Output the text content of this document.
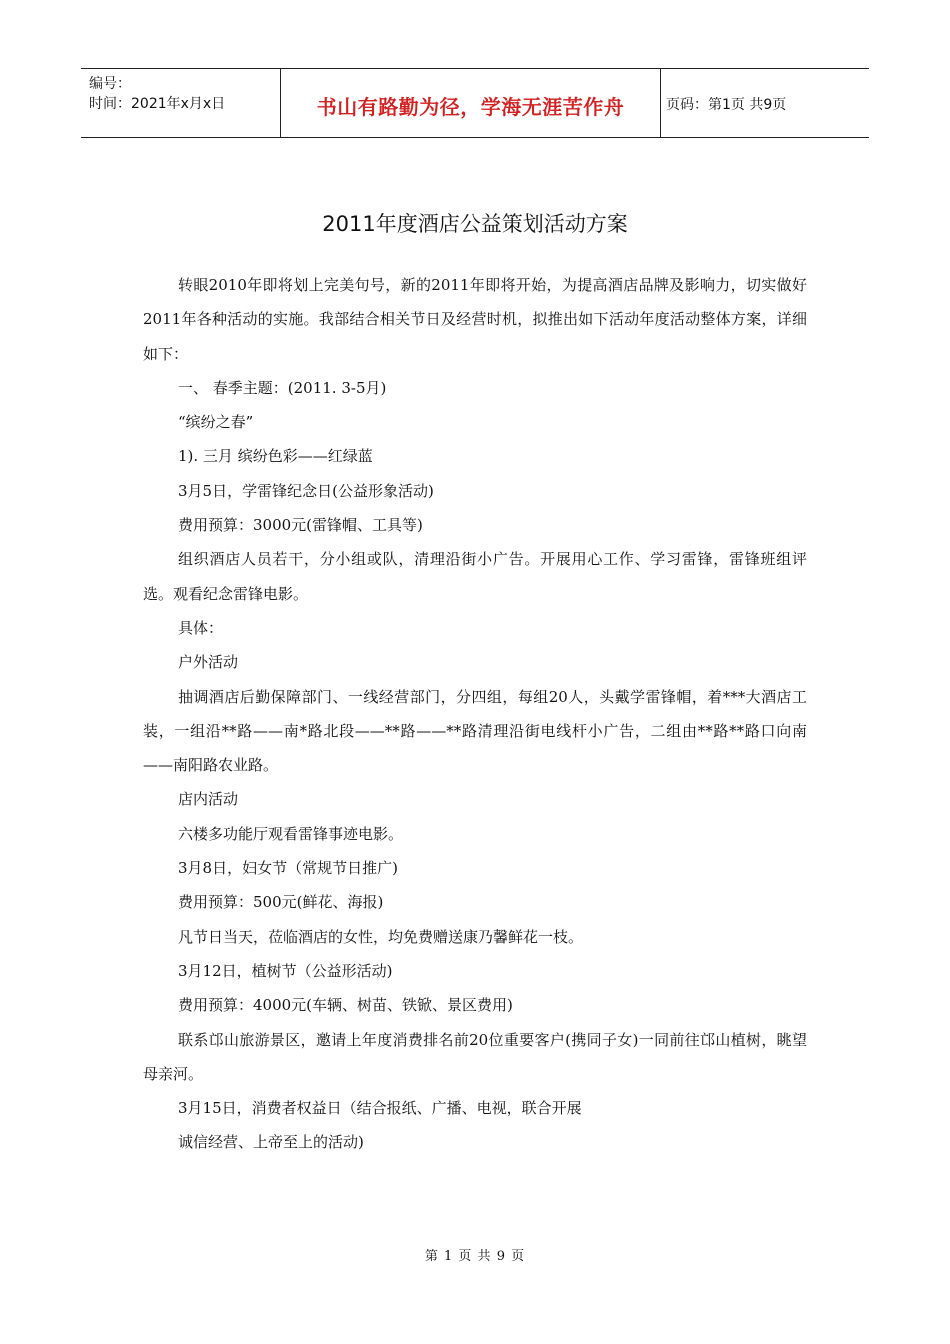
编号：
时间：2021年x月x日	书山有路勤为径，学海无涯苦作舟	页码：第1页 共9页
2011年度酒店公益策划活动方案

转眼2010年即将划上完美句号，新的2011年即将开始，为提高酒店品牌及影响力，切实做好2011年各种活动的实施。我部结合相关节日及经营时机，拟推出如下活动年度活动整体方案，详细如下：

一、 春季主题：(2011. 3-5月)

“缤纷之春”

1). 三月 缤纷色彩——红绿蓝

3月5日，学雷锋纪念日(公益形象活动)

费用预算：3000元(雷锋帽、工具等)

组织酒店人员若干，分小组或队，清理沿街小广告。开展用心工作、学习雷锋，雷锋班组评选。观看纪念雷锋电影。

具体：

户外活动

抽调酒店后勤保障部门、一线经营部门，分四组，每组20人，头戴学雷锋帽，着***大酒店工装，一组沿**路——南*路北段——**路——**路清理沿街电线杆小广告，二组由**路**路口向南——南阳路农业路。

店内活动

六楼多功能厅观看雷锋事迹电影。

3月8日，妇女节（常规节日推广)

费用预算：500元(鲜花、海报)

凡节日当天，莅临酒店的女性，均免费赠送康乃馨鲜花一枝。

3月12日，植树节（公益形活动)

费用预算：4000元(车辆、树苗、铁锨、景区费用)

联系邙山旅游景区，邀请上年度消费排名前20位重要客户(携同子女)一同前往邙山植树，眺望母亲河。

3月15日，消费者权益日（结合报纸、广播、电视，联合开展

诚信经营、上帝至上的活动)

第 1 页 共 9 页
